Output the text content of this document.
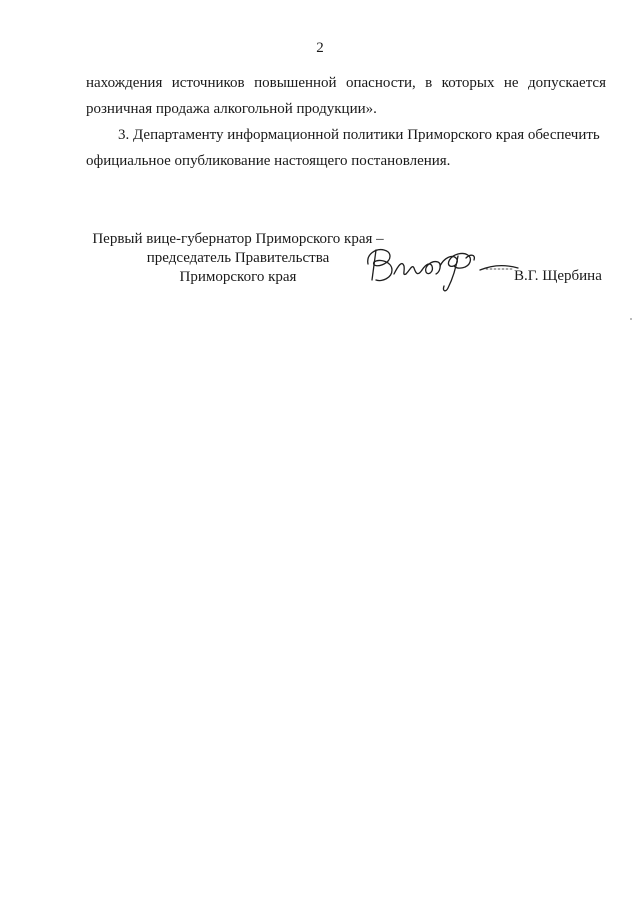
2
нахождения источников повышенной опасности, в которых не допускается
розничная продажа алкогольной продукции».
3. Департаменту информационной политики Приморского края обеспечить
официальное опубликование настоящего постановления.
Первый вице-губернатор Приморского края –
председатель Правительства
Приморского края	В.Г. Щербина
